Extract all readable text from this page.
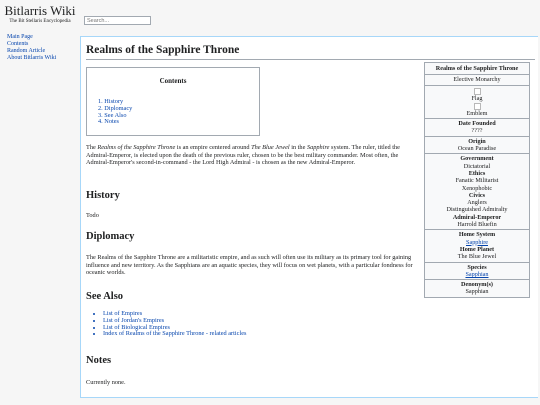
Bitlarris Wiki
The Bit Stellaris Encyclopedia
Main Page
Contents
Random Article
About Bitlarris Wiki
Search...
Realms of the Sapphire Throne
Contents
1. History
2. Diplomacy
3. See Also
4. Notes
The Realms of the Sapphire Throne is an empire centered around The Blue Jewel in the Sapphire system. The ruler, titled the Admiral-Emperor, is elected upon the death of the previous ruler, chosen to be the best military commander. Most often, the Admiral-Emperor's second-in-command - the Lord High Admiral - is chosen as the new Admiral-Emperor.
History
Todo
Diplomacy
The Realms of the Sapphire Throne are a militaristic empire, and as such will often use its military as its primary tool for gaining influence and new territory. As the Sapphians are an aquatic species, they will focus on wet planets, with a particular fondness for oceanic worlds.
See Also
• List of Empires
• List of Jordan's Empires
• List of Biological Empires
• Index of Realms of the Sapphire Throne - related articles
Notes
Currently none.
Realms of the Sapphire Throne
Elective Monarchy
Flag
Emblem
Date Founded
????
Origin
Ocean Paradise
Government
Dictatorial
Ethics
Fanatic Militarist
Xenophobic
Civics
Anglers
Distinguished Admiralty
Admiral-Emperor
Harrold Bluefin
Home System
Sapphire
Home Planet
The Blue Jewel
Species
Sapphian
Denonym(s)
Sapphian
